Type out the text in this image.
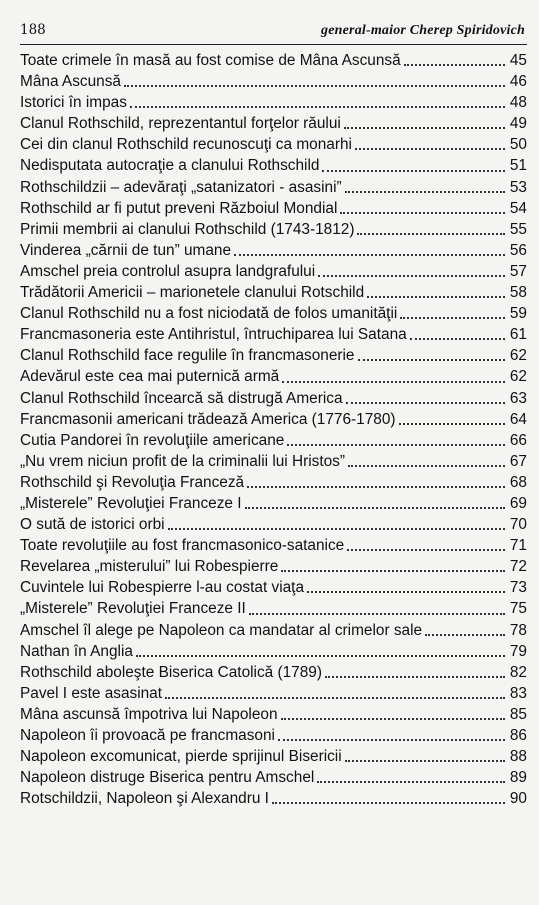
188	general-maior Cherep Spiridovich
Toate crimele în masă au fost comise de Mâna Ascunsă	45
Mâna Ascunsă	46
Istorici în impas	48
Clanul Rothschild, reprezentantul forţelor răului	49
Cei din clanul Rothschild recunoscuţi ca monarhi	50
Nedisputata autocraţie a clanului Rothschild	51
Rothschildzii – adevăraţi „satanizatori - asasini”	53
Rothschild ar fi putut preveni Războiul Mondial	54
Primii membrii ai clanului Rothschild (1743-1812)	55
Vinderea „cărnii de tun” umane	56
Amschel preia controlul asupra landgrafului	57
Trădătorii Americii – marionetele clanului Rotschild	58
Clanul Rothschild nu a fost niciodată de folos umanităţii	59
Francmasoneria este Antihristul, întruchiparea lui Satana	61
Clanul Rothschild face regulile în francmasonerie	62
Adevărul este cea mai puternică armă	62
Clanul Rothschild încearcă să distrugă America	63
Francmasonii americani trădează America (1776-1780)	64
Cutia Pandorei în revoluţiile americane	66
„Nu vrem niciun profit de la criminalii lui Hristos”	67
Rothschild şi Revoluţia Franceză	68
„Misterele” Revoluţiei Franceze I	69
O sută de istorici orbi	70
Toate revoluţiile au fost francmasonico-satanice	71
Revelarea „misterului” lui Robespierre	72
Cuvintele lui Robespierre l-au costat viaţa	73
„Misterele” Revoluţiei Franceze II	75
Amschel îl alege pe Napoleon ca mandatar al crimelor sale	78
Nathan în Anglia	79
Rothschild aboleşte Biserica Catolică (1789)	82
Pavel I este asasinat	83
Mâna ascunsă împotriva lui Napoleon	85
Napoleon îi provoacă pe francmasoni	86
Napoleon excomunicat, pierde sprijinul Bisericii	88
Napoleon distruge Biserica pentru Amschel	89
Rotschildzii, Napoleon şi Alexandru I	90
